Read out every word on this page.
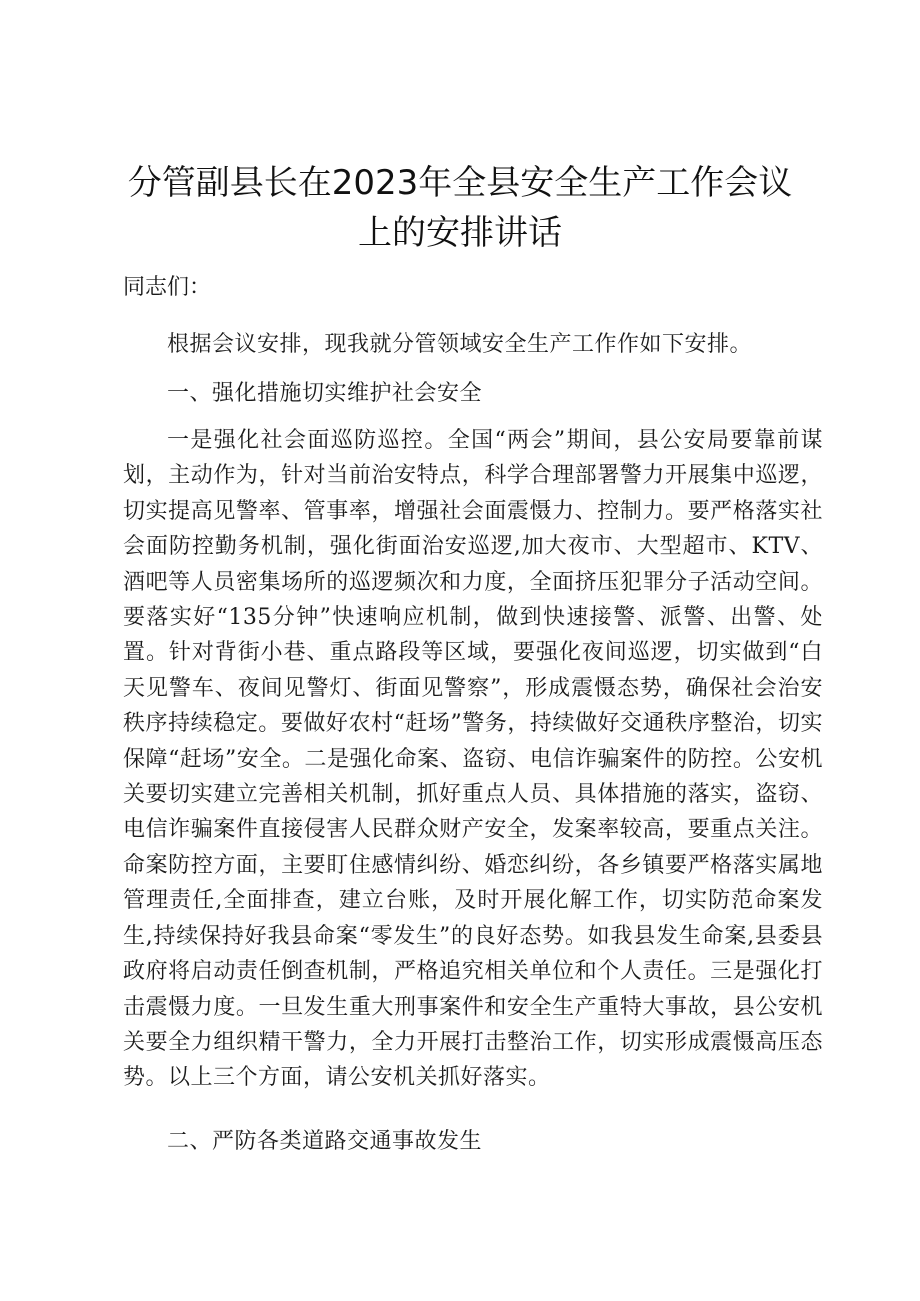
分管副县长在2023年全县安全生产工作会议
上的安排讲话

同志们：

根据会议安排，现我就分管领域安全生产工作作如下安排。

一、强化措施切实维护社会安全

一是强化社会面巡防巡控。全国“两会”期间，县公安局要靠前谋划，主动作为，针对当前治安特点，科学合理部署警力开展集中巡逻，切实提高见警率、管事率，增强社会面震慑力、控制力。要严格落实社会面防控勤务机制，强化街面治安巡逻,加大夜市、大型超市、KTV、酒吧等人员密集场所的巡逻频次和力度，全面挤压犯罪分子活动空间。要落实好“135分钟”快速响应机制，做到快速接警、派警、出警、处置。针对背街小巷、重点路段等区域，要强化夜间巡逻，切实做到“白天见警车、夜间见警灯、街面见警察”，形成震慑态势，确保社会治安秩序持续稳定。要做好农村“赶场”警务，持续做好交通秩序整治，切实保障“赶场”安全。二是强化命案、盗窃、电信诈骗案件的防控。公安机关要切实建立完善相关机制，抓好重点人员、具体措施的落实，盗窃、电信诈骗案件直接侵害人民群众财产安全，发案率较高，要重点关注。命案防控方面，主要盯住感情纠纷、婚恋纠纷，各乡镇要严格落实属地管理责任,全面排查，建立台账，及时开展化解工作，切实防范命案发生,持续保持好我县命案“零发生”的良好态势。如我县发生命案,县委县政府将启动责任倒查机制，严格追究相关单位和个人责任。三是强化打击震慑力度。一旦发生重大刑事案件和安全生产重特大事故，县公安机关要全力组织精干警力，全力开展打击整治工作，切实形成震慑高压态势。以上三个方面，请公安机关抓好落实。

二、严防各类道路交通事故发生
